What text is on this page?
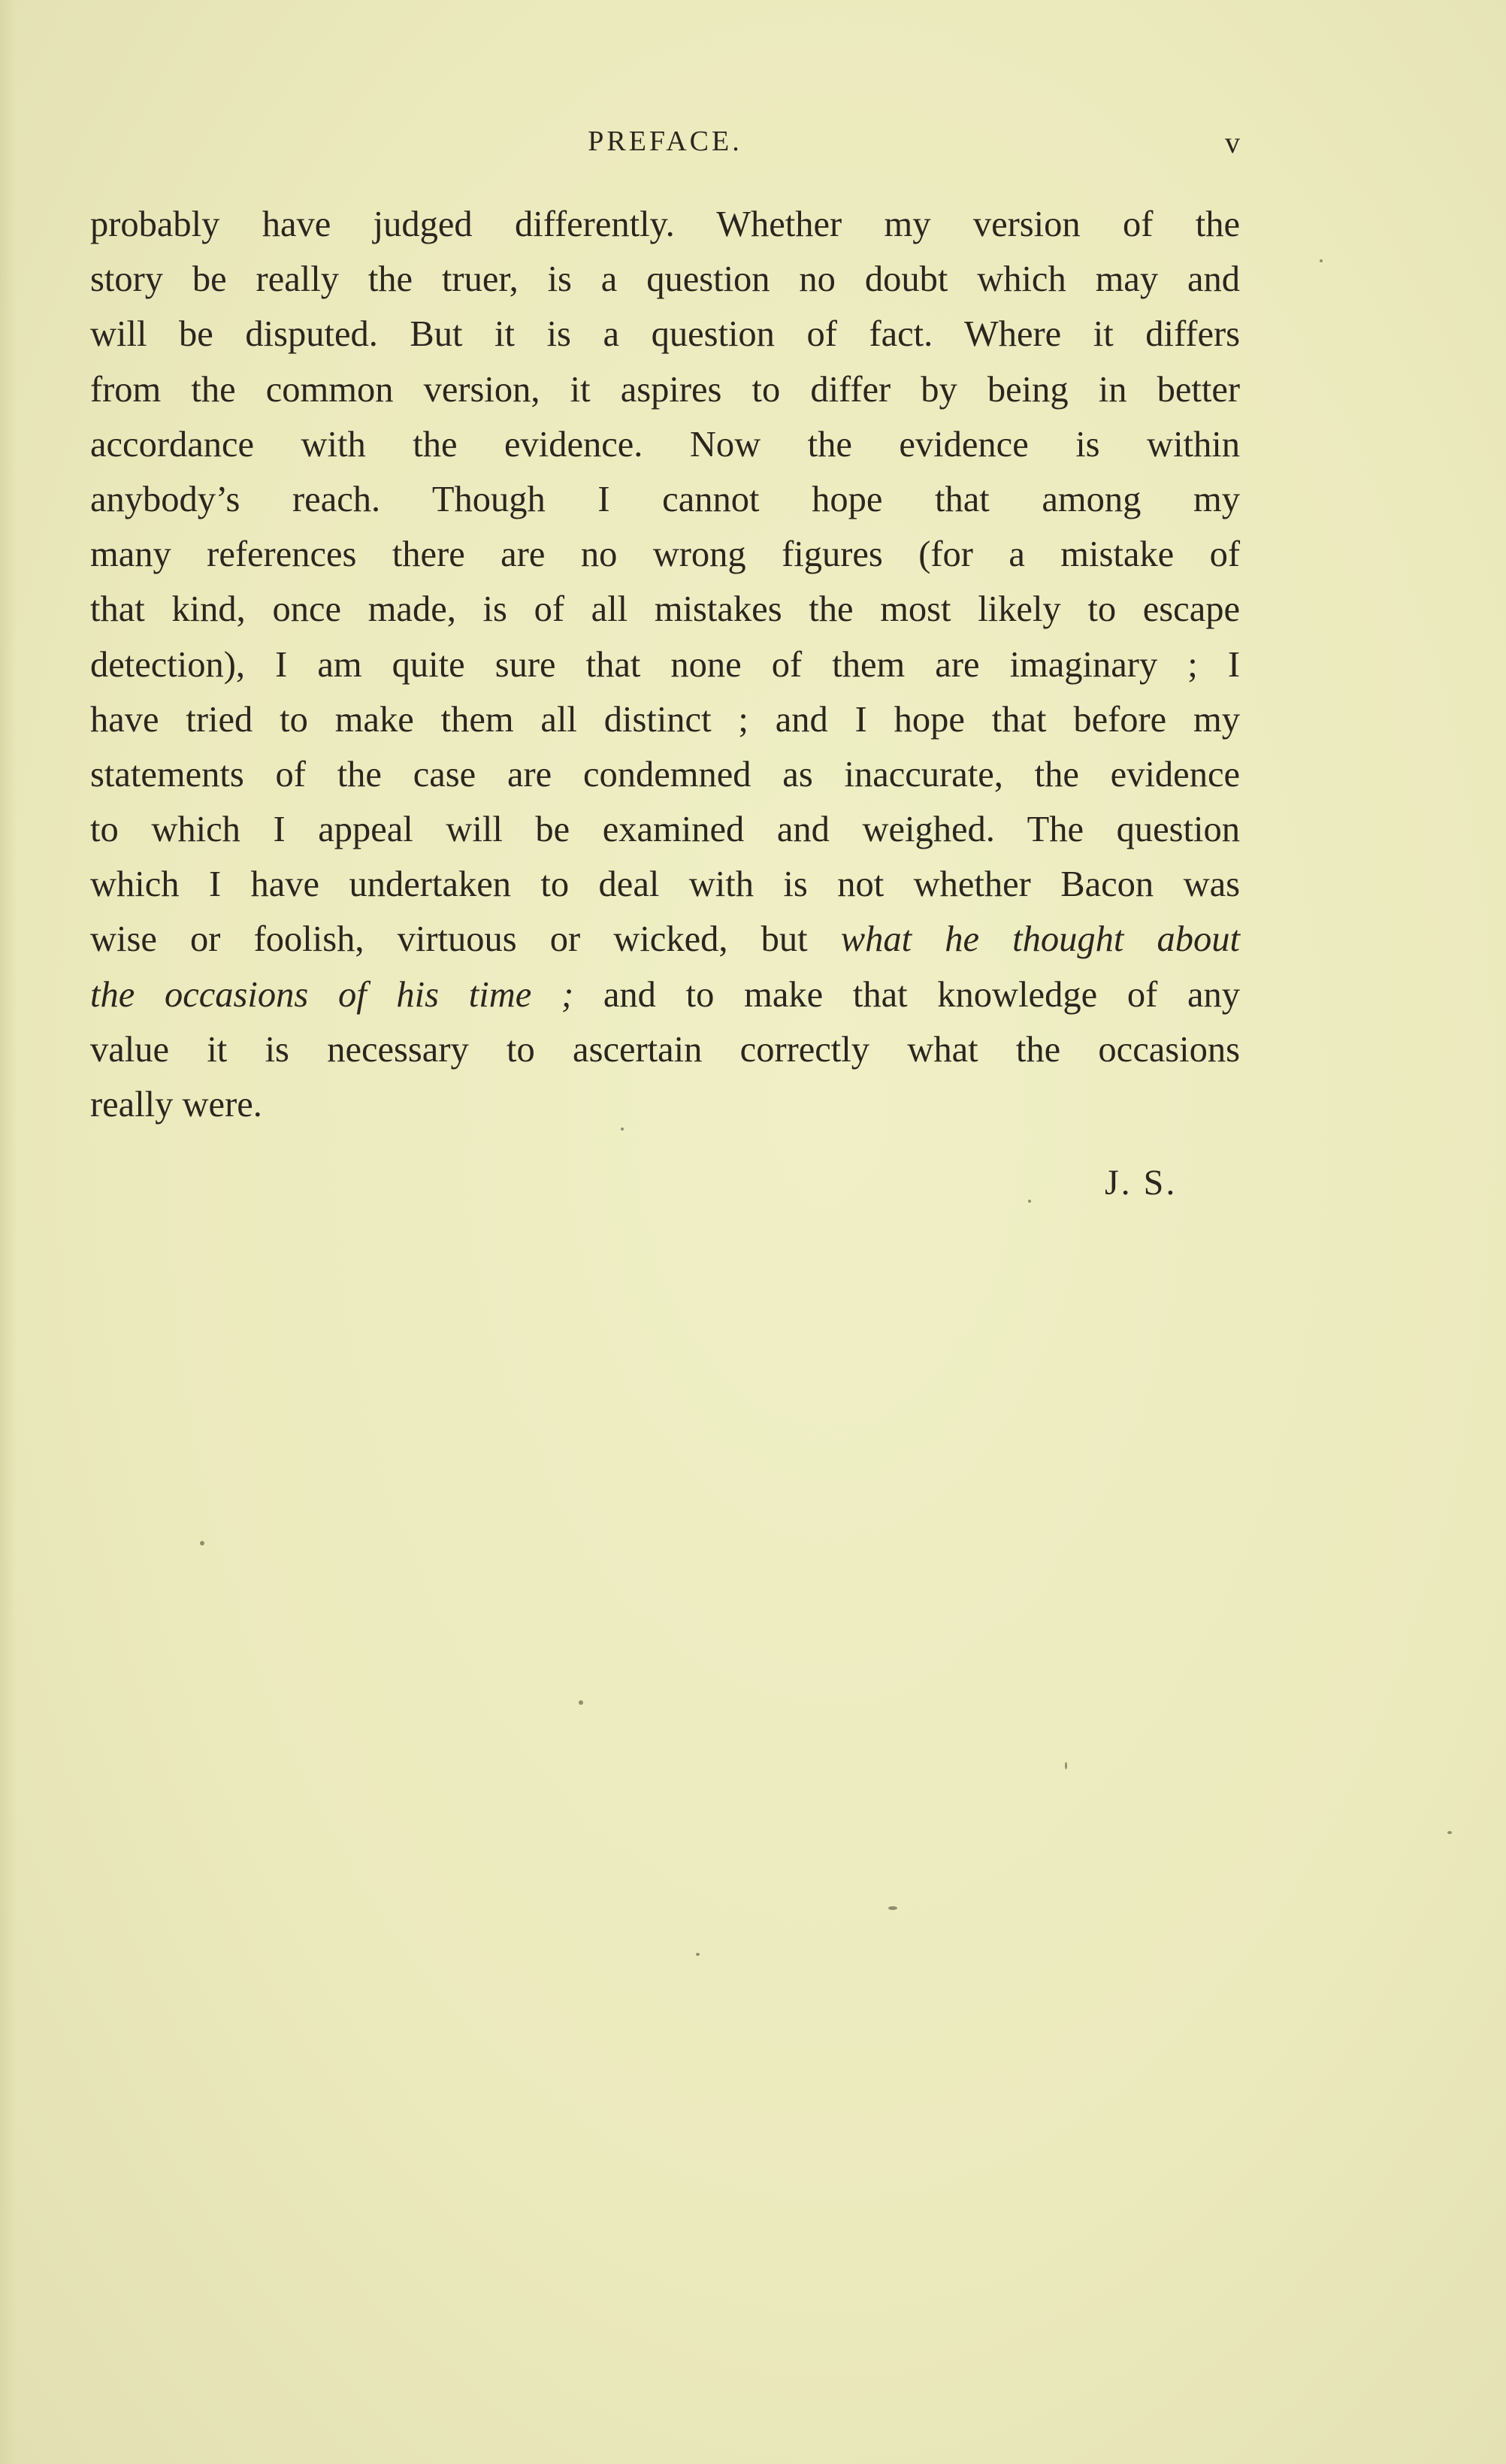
PREFACE.	v
probably have judged differently. Whether my version of the
story be really the truer, is a question no doubt which may and
will be disputed. But it is a question of fact. Where it differs
from the common version, it aspires to differ by being in better
accordance with the evidence. Now the evidence is within
anybody’s reach. Though I cannot hope that among my
many references there are no wrong figures (for a mistake of
that kind, once made, is of all mistakes the most likely to escape
detection), I am quite sure that none of them are imaginary ; I
have tried to make them all distinct ; and I hope that before my
statements of the case are condemned as inaccurate, the evidence
to which I appeal will be examined and weighed. The question
which I have undertaken to deal with is not whether Bacon was
wise or foolish, virtuous or wicked, but what he thought about
the occasions of his time ; and to make that knowledge of any
value it is necessary to ascertain correctly what the occasions
really were.
J. S.
